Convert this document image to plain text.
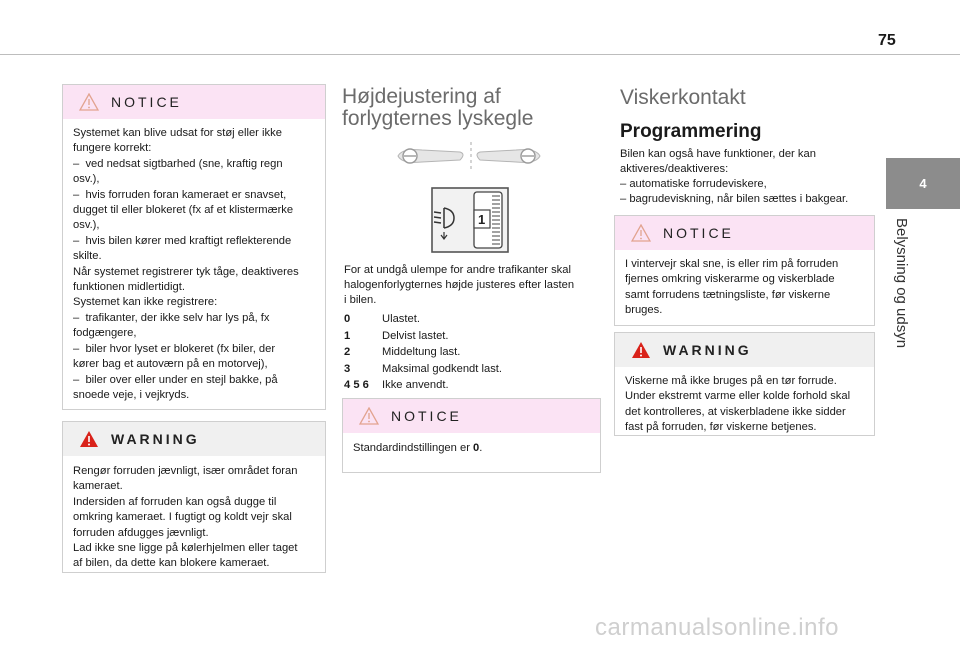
75
4
Belysning og udsyn
NOTICE
Systemet kan blive udsat for støj eller ikke
fungere korrekt:
–  ved nedsat sigtbarhed (sne, kraftig regn
osv.),
–  hvis forruden foran kameraet er snavset,
dugget til eller blokeret (fx af et klistermærke
osv.),
–  hvis bilen kører med kraftigt reflekterende
skilte.
Når systemet registrerer tyk tåge, deaktiveres
funktionen midlertidigt.
Systemet kan ikke registrere:
–  trafikanter, der ikke selv har lys på, fx
fodgængere,
–  biler hvor lyset er blokeret (fx biler, der
kører bag et autoværn på en motorvej),
–  biler over eller under en stejl bakke, på
snoede veje, i vejkryds.
WARNING
Rengør forruden jævnligt, især området foran
kameraet.
Indersiden af forruden kan også dugge til
omkring kameraet. I fugtigt og koldt vejr skal
forruden afdugges jævnligt.
Lad ikke sne ligge på kølerhjelmen eller taget
af bilen, da dette kan blokere kameraet.
Højdejustering af
forlygternes lyskegle
1
For at undgå ulempe for andre trafikanter skal
halogenforlygternes højde justeres efter lasten
i bilen.
0	Ulastet.
1	Delvist lastet.
2	Middeltung last.
3	Maksimal godkendt last.
4 5 6	Ikke anvendt.
NOTICE
Standardindstillingen er 0.
Viskerkontakt
Programmering
Bilen kan også have funktioner, der kan
aktiveres/deaktiveres:
– automatiske forrudeviskere,
– bagrudeviskning, når bilen sættes i bakgear.
NOTICE
I vintervejr skal sne, is eller rim på forruden
fjernes omkring viskerarme og viskerblade
samt forrudens tætningsliste, før viskerne
bruges.
WARNING
Viskerne må ikke bruges på en tør forrude.
Under ekstremt varme eller kolde forhold skal
det kontrolleres, at viskerbladene ikke sidder
fast på forruden, før viskerne betjenes.
carmanualsonline.info
